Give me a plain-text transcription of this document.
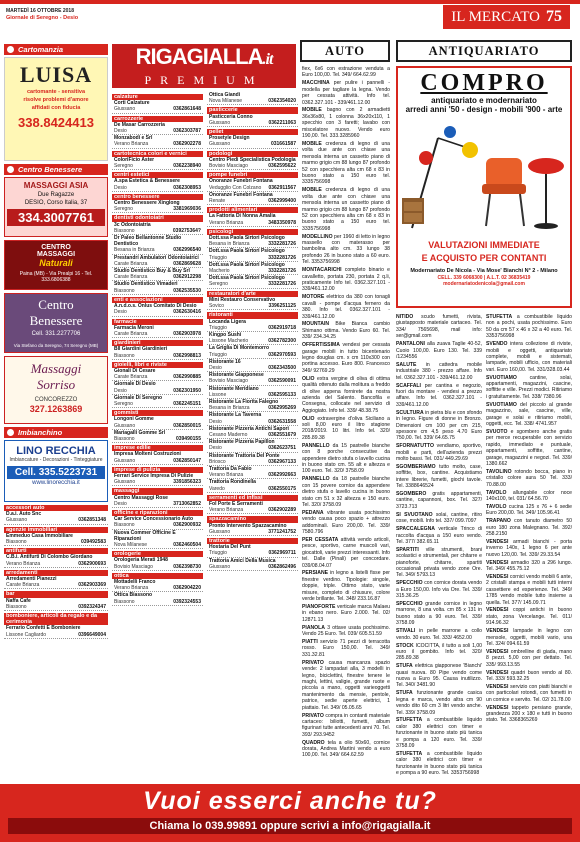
MARTEDÌ 16 OTTOBRE 2018
Giornale di Seregno - Desio	IL MERCATO 75
Cartomanzia
LUISA
cartomante - sensitiva
risolve problemi d'amore
affidati con fiducia
338.8424413
Centro Benessere
MASSAGGI ASIA
Due Ragazze
DESIO, Corso Italia, 37
334.3007761
CENTRO
MASSAGGI
Naturali
Paina (MB) - Via Prealpi 16 - Tel. 333.6806388
Centro
Benessere
Cell. 331.2277706
Via Stefano da Seregno, 74 Seregno (MB)
Massaggi
Sorriso
CONCOREZZO
327.1263869
Imbianchino
LINO RECCHIA
Imbiancature - Decorazioni - Tinteggiature
Cell. 335.5223731
www.linorecchia.it
accessori auto
D.a.i. Auto Snc
Giussano	0362851348
agenzie immobiliari
Emmeduo Casa Immobiliare
Biassono	039492583
antifurti
C.B.i. Antifurti Di Colombo Giordano
Verano Brianza	0362900693
arredamenti
Arredamenti Pianezzi
Carate Brianza	0362903369
bar
Naffa Cafe
Biassono	0392324347
bomboniere, articoli da regalo e da cerimonia
Ferrario Confetti E Bomboniere
Lissone Cagliardo	0396649004
RIGAGIALLA.it
PREMIUM
calzature
Corti Calzature
Giussano	0362861648
carrozzerie
De Masar Carrozzeria
Desio	0362303787
Monzabodi e Srl
Verano Brianza	0362902278
cartotecnica colori e vernici
ColoriFicio Aster
Seregno	0362238940
centri estetici
A.spa Estetica & Benessere
Desio	0362308953
centro benessere
Centro Benessere Xinglong
Seregno	3381969036
dentisti odontoiatri
3c Odontoiatria
Biassono	039275364?
Dr Paleo Bellantonne Studio Dentistico
Besana in Brianza	0362996540
Prestandri Ambulatori Odontoiatrici
Carate Brianza	0362869628
Studio Dentistico Buy & Buy Srl
Carate Brianza	0362912298
Studio Dentistico Vimaderi
Biassono	0362535530
enti e associazioni
A.n.d.o.s. Onlus Comitato Di Desio
Desio	0362630416
farmacie
Farmacia Meroni
Carate Brianza	0362903978
giardinieri
Bll Giardini Giardinieri
Biassono	0362998813
gioielli, libri e riviste
Gionali Di Cesare
Carate Brianza	0362990885
Giornale Di Desio
Desio	0362301950
Giornale Di Seregno
Seregno	0362245151
gommisti
Longoni Gomme
Giussano	0362850015
Mariagalli Gomme Srl
Biassono	039490155
imprese edilie
Impresa Molteni Costruzioni
Giussano	0362850147
imprese di pulizia
Ferrari Service Impresa Di Pulizie
Giussano	3391856323
massaggi
Centro Massaggi Rose
Desio	3713062852
officine e riparazioni
Car Service Concessionario Auto
Biassono	0362900932
Nuova Commer Officine E Riparazioni
Nova Milanese	0362460504
orologerie
Orologeria Merati 1948
Bovisio Masciago	0362398730
ottica
Mottadelli Franco
Verano Brianza	0362904220
Ottica Biassono
Biassono	0392324553
Ottica Giandi
Nova Milanese	0362354020
pasticcerie
Pasticceria Conno
Giussano	0362211063
pellet
Prosetyle Design
Giussano	031661587
podologi
Centro Piedi Specialistica Podologia
Bovisio Masciago	0362595622
pompe funebri
Onoranze Funebri Fontana
Vedugglio Con Colzano 0362911567
Onoranze Funebri Fontana
Renate	0362999400
prodotti alimentari
La Fattoria Di Nonna Amalia
Verano Brianza	3483350978
psicologi
Dott.ssa Paola Sirtori Psicologo
Besana in Brianza	3332281726
Dott.ssa Paola Sirtori Psicologo
Triuggio	3332281726
Dott.ssa Paola Sirtori Psicologo
Macherio	3332281726
Dott.ssa Paola Sirtori Psicologo
Seregno	3332281726
restauratori d'arte
Mini Restauro Conservativo
Sovico	3396251125
ristoranti
Locanda Ligera
Triuggio	0362919718
Kingpo Sushi
Lissone Macherio	0362782300
La Griglia Di Montemorro
Triuggio	0362970593
Ristorante 16
Desio	0362343500
Ristorante Giapponese
Bovisio Masciago	0362590091
Ristorante Meridiano
Lissone	0362595133
Ristorante La Fiorita Falegno
Besana in Brianza	0362995269
Ristorante La Taverna
Desio	0362631558
Ristorante Pizzeria Antichi Sapori
Cesano Maderno	0362551679
Ristorante Pizzeria Papillon
Desio	0362623751
Ristorante Trattoria Del Ponte
Briosco	0362967133
Trattoria Da Fabio
Verano Brianza	0362992663
Trattoria Rondinella
Varedo	0362550175
serramenti ed infissi
Fol Porte E Serramenti
Verano Brianza	0362902289
spazzacamino
Pronto Intervento Spazzacamino
Giussano	3771241752
trattorie
Hostaria Del Punt
Triuggio	0362969711
Trattoria Amici Della Musica
Giussano	0362862496
AUTO

fiex, 6x6 con estrazione venduta a Euro 100,00. Tel. 349/ 664.62.99

MACCHINA per pulire i pannelli - modella per tagliare la legna. Vendo per cessata attività. Info tel. 0362.327.101 - 339/461.12.00

MOBILE bagno con 2 armadietti 36x36x80, 1 colonna 36x20x110, 1 specchio con 3 faretti; lavabo con miscelatore nuovo. Vendo euro 190,00. Tel. 333.3285960

MOBILE credenza di legno di una volta due ante con chiave una mensola interna un cassetto piano di marmo grigio cm 88 lungo 87 profondo 52 con specchiera alta cm 68 x 83 in buono stato a 150 euro tel. 3335756998

MOBILE credenza di legno di una volta due ante con chiave una mensola interna un cassetto piano di marmo grigio cm 88 lungo 87 profondo 52 con specchiera alta cm 68 x 83 in buono stato a 150 euro tel. 3335756998

MODELLINO per 1960 di letto in legno massello con materasso per bambolina alto cm. 33 lungo 38 profondo 26 in buono stato a 60 euro. Tel. 3353756998

MONTACARICHI completo binario e cavalletto, portata 230, portata 2 q.li, praticamente Info tel. 0362.327.101 - 339/461.12.00

MOTORE elettrico da 380 con tonagli cavalli - pompe d'acqua fernero da 380. Info tel. 0362.327.101 - 339/461.12.00

MOUNTAIN Bike Bianca cambio Shimano ottima. Vendo Euro 60. Tel. 339/ 234.34.25

OFFERTISSIMA vendesi per cessata garage mobili in tutto bicentenario legno douglas cm. x cm 110x300 con portina accesso. Euro 800. Francesco 349/ 92769.29

OLIO extra vergine di oliva di ottima qualità ottenuto dalla molitura a freddo di olive appena fornirete da nostra azienda del Salento. Bancofila e Consegna, collocate nel servizio di Aggiogiato. Info tel. 339/ 48.38.75

OLIO extravergine d'oliva Siciliano a soli 8,00 euro il litro stagione 2018/2019. 10 litri. Info tel. 320/ 285.89.38

PANNELLO da 15 pastrelle bianche con 8 porche consecutive da appendere dietro stufa o lavello cucina in buono stato cm. 55 alt e altezza e 100 euro. Tel. 320/ 3758.09

PANNELLO da 18 pastrelle bianche con 15 povere cornice da appendere dietro stufa o lavello cucina in buono stato cm 51 x 32 altezza e 150 euro. Tel. 320/ 3758.09

PEDANA vibrante usata pochissimo vendo causa poco spazio + attrezzo addominali. Euro 200,00. Tel. 339/ 7580.796

PER CESSATA attività vendo articoli, pesce, sportivo, carne muscoli vari, giocattoli, varie prezzi interessanti. Info tel. Dalle (Pinali) per concordare. 039/08.04.07

PERSIANE in legno a listelli fisse per finestre verdino. Tipologie: singole, doppie, triple. Ottimo stato, varie misure, completo di chiusure, colore verde brillante. Tel. 348/ 233.16.87

PIANOFORTE verticale marca Malaeu in ebano nero. Euro 2.000. Tel. 02/ 12871.13

PIANOLA 3 ottave usata pochissimo. Vendo 25 Euro. Tel. 039/ 605.51.59

PIATTI servizio 71 pezzi di terracotta rosso. Euro 150,00. Tel. 349/ 331.32.81

PRIVATO causa mancanza spazio vende: 2 lampadari alla, 3 modelli in legno, biciclettini, finestre tenere le maghi, lettini, valigie, grande ruote e piccola a mano, oggetti varieoggetti mantenimento da mensie, pentole, patrice, sedie aperte elettrici, 1 piattaio. Tel. 349/ 05.05.65

PRIVATO compra in contanti materiale cartaceo: biliotti, fumetti, album figurinari tutte antecedenti anni 70. Tel. 393/ 293.9452

QUADRO tela a olio 50x60, cornice dorata, Andrea Martini vendo a euro 100,00. Tel. 349/ 664.62.59

ANTIQUARIATO
COMPRO
antiquariato e modernariato
arredi anni '50 - design - mobili '900 - arte
VALUTAZIONI IMMEDIATE
E ACQUISTO PER CONTANTI
Modernariato De Nicola - Via Mose' Bianchi N° 2 - Milano
CELL. 339 6068300 | A.L.T. 02 36835419 modernariatodenicola@gmail.com

NITIDO scudo fumetti, rivista, giustapposto materiale cartaceo. Tel. 334/ 7565698, mail info: ser@gmail.com

PANTALONI alla zuava Taglie 40-52, Cuoio 100,00. Euro 130. Tel. 339 /1234556

SALUTE in cattedra mobile industriale 380 - prezzo affare. Info tel. 0362.327.101 - 339/461.12.00

SCAFFALI per cantina e negozio, fuori da montare - vendesi a prezzo affare. Info tel. 0362.327.101 - 339/461.12.00

SCULTURA in pietra blu e con sfondo in legno. Figure di donne in Bronzo. Dimensioni cm 100 per cm 215, spessore cm 4,5 peso 4.70 Euro 750,00. Tel. 339/ 64.65.75

SFORNATUTTO vendiamo, sportivo, mobili e parti, dell'azienda prezzi molto bassi. Tel. 031/ 449.29.69

SGOMBERIAMO tutto molto, case, soffitte, box, cantine. Acquistiamo intere librerie, fumetti, giochi tavole. Tel. 3388646524

SGOMBERO gratis appartamenti, cantine, capannoni, box. Tel. 327/ 3723.713

SI SVUOTANO solai, cantine, ritiro cose, mobili. Info tel. 337/ 099.7097

SPACCALEGNA verticale Trinco di raccolta d'acqua a 150 euro vendo. Tel. 377/ 382.65.11

SPARTITI ville strumenti, brani scolastici e strumentali, per chitarre e pianoforte, chitarre, spartiti occasionali privata vendo zone Ore. Tel. 349/ 5793.13

SPECCHIO con cornice dorata vendo a Euro 150,00. Info via Ore. Tel. 339/ 315.36.25

SPECCHIO grande cornice in legno marrone, 8 una volta. cm 85 x 131 in buono stato a 90 euro. Tel. 339/ 3758.09

STIVALI in pelle marrone a collo vendo. 30 euro. Tel. 333/ 4652.00

STOCK ICOCITTA, il tutto a soli 1,00 euro il gombito. Info tel. 320/ 285.89.38

STUFA elettrica giapponese 'Bianchi' quasi nuova. 80 Pipe vendo come nuova a Euro 95. Causa inutilizzo. Tel. 340/ 3481.90

STUFA funzionante grande casica legna e marca, vendo altra cm 90 vendo dito 60 cm 3 litri vendo anche. Tel. 339/ 3758.09

STUFETTA a combustibile liquido calor 380 elettrici con timer e funzionante in buono stato più tanica e pompa a 120 euro. Tel. 339/ 3758.09

STUFETTA a combustibile liquido calor 380 elettrici con timer e funzionante in buono stato più tanica e pompa a 90 euro. Tel. 3353756998

STUFETTA a combustibile liquido non a pochi, usata pochissimo. Euro 50 da cm 57 x 46 x 32 a 40 euro. Tel. 3353756998

SVENDO intera collezione di riviste, mobili e oggetti, antiquariato complete, mobili e sistemati, lampade, mobili ufficio, con materiali vari. Euro 160,00. Tel. 331/328.03.44

SVUOTIAMO cantine, solai, appartamenti, magazzini, cascine, soffitte e ville. Prezzi modici. Ritiriamo i gratuitamente. Tel. 338/ 7380.96

SVUOTIAMO del piccolo al grande magazzino, sale, cascine, ville, garage e solai e ritiriamo mobili, oggetti, ecc. Tel. 338/ 4741.957

SVUOTO e sgombero anche gratis per merce recuperabile con servizio rapido, immediato e puntuale, appartamenti, soffitte, cantine, garage, magazzini e negozi. Tel. 339/ 1380.662

TAVOLINO rotondo bocca, piano in cristallo colore aura 50 Tel. 333/ 70.88.00

TAVOLO allungabile color noce 140x100, tel. 031/ 64.56.70

TAVOLO cucina 125 x 76 + 6 sedie Euro 200,00. Tel. 349/ 105.96.41

TRAPANO con tanuto diametro 50 euro 180 zona Malegnano. Tel. 392/ 258.2150

VENDESI armadi bianchi - porta inverno 140x, 1 legno 6 per ante nuovo 120,00. Tel. 339/ 29.33.54

VENDESI armadio 320 a 296 lungo. Tel. 349/ 455.75.12

VENDESI cornici vendo mobili 6 ante, 2 cristalli stampa e mobili tutti interni cassettiere ed esperienze. Tel. 349/ 1785 vendo mobile tutto insieme a quella. Tel. 377/ 145.09.71

VENDESI coppi antichi in buono stato, zona Vercelange. Tel. 011/ 914.96.32

VENDESI lampade in legno con mensole, oggetti, mobili vario, una Tel. 324/ 094.61.59

VENDESI ombrelline di giada, mano 8 pezzi. 5,00 con per dettato. Tel. 335/ 993.13.55

VENDESI quadri buon vendo al 80. Tel. 333/ 593.32.25

VENDESI servizio con piatti bianchi e con particolari rotondi, con fumetti in un cornice e servito. Tel. 02/ 31.78.00

VENDESI tappeto persiano grande, grandezza 200 x 180 e tutti in buono stato. Tel. 3368365269

Vuoi esserci anche tu?
Chiama lo 039.99891 oppure scrivi a info@rigagialla.it
